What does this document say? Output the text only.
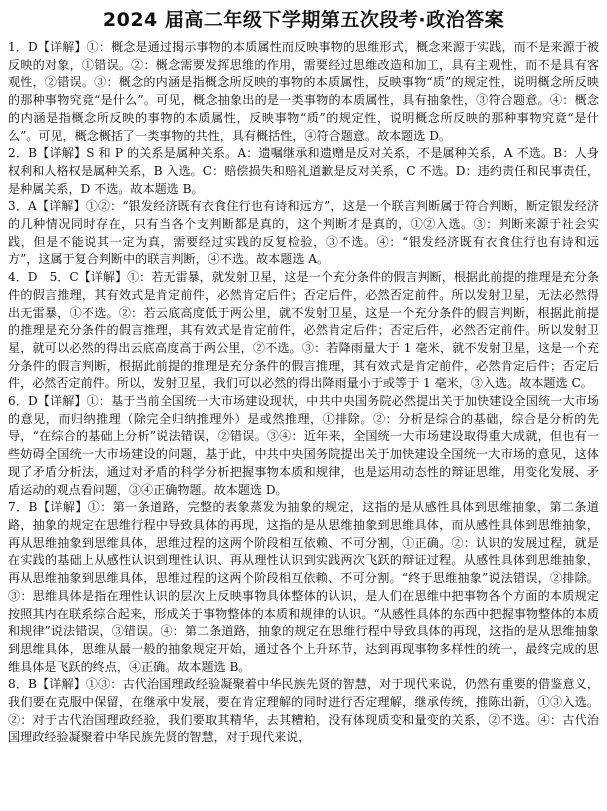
2024 届高二年级下学期第五次段考·政治答案

1．D【详解】①：概念是通过揭示事物的本质属性而反映事物的思维形式，概念来源于实践，而不是来源于被反映的对象，①错误。②：概念需要发挥思维的作用，需要经过思维改造和加工，具有主观性，而不是具有客观性，②错误。③：概念的内涵是指概念所反映的事物的本质属性，反映事物“质”的规定性，说明概念所反映的那种事物究竟“是什么”。可见，概念抽象出的是一类事物的本质属性，具有抽象性，③符合题意。④：概念的内涵是指概念所反映的事物的本质属性，反映事物“质”的规定性，说明概念所反映的那种事物究竟“是什么”。可见，概念概括了一类事物的共性，具有概括性，④符合题意。故本题选 D。

2．B【详解】S 和 P 的关系是属种关系。A：遗嘱继承和遗赠是反对关系，不是属种关系，A 不选。B：人身权利和人格权是属种关系，B 入选。C：赔偿损失和赔礼道歉是反对关系，C 不选。D：违约责任和民事责任，是种属关系，D 不选。故本题选 B。

3．A【详解】①②：“银发经济既有衣食住行也有诗和远方”，这是一个联言判断属于符合判断，断定银发经济的几种情况同时存在，只有当各个支判断都是真的，这个判断才是真的，①②入选。③：判断来源于社会实践，但是不能说其一定为真，需要经过实践的反复检验，③不选。④：“银发经济既有衣食住行也有诗和远方”，这属于复合判断中的联言判断，④不选。故本题选 A。

4．D　5．C【详解】①：若无雷暴，就发射卫星，这是一个充分条件的假言判断，根据此前提的推理是充分条件的假言推理，其有效式是肯定前件，必然肯定后件；否定后件，必然否定前件。所以发射卫星，无法必然得出无雷暴，①不选。②：若云底高度低于两公里，就不发射卫星，这是一个充分条件的假言判断，根据此前提的推理是充分条件的假言推理，其有效式是肯定前件，必然肯定后件；否定后件，必然否定前件。所以发射卫星，就可以必然的得出云底高度高于两公里，②不选。③：若降雨量大于 1 毫米，就不发射卫星，这是一个充分条件的假言判断，根据此前提的推理是充分条件的假言推理，其有效式是肯定前件，必然肯定后件；否定后件，必然否定前件。所以，发射卫星，我们可以必然的得出降雨量小于或等于 1 毫米，③入选。故本题选 C。

6．D【详解】①：基于当前全国统一大市场建设现状，中共中央国务院必然提出关于加快建设全国统一大市场的意见，而归纳推理（除完全归纳推理外）是或然推理，①排除。②：分析是综合的基础，综合是分析的先导，“在综合的基础上分析”说法错误，②错误。③④：近年来，全国统一大市场建设取得重大成就，但也有一些妨碍全国统一大市场建设的问题，基于此，中共中央国务院提出关于加快建设全国统一大市场的意见，这体现了矛盾分析法，通过对矛盾的科学分析把握事物本质和规律，也是运用动态性的辩证思维，用变化发展、矛盾运动的观点看问题，③④正确物题。故本题选 D。

7．B【详解】①：第一条道路，完整的表象蒸发为抽象的规定，这指的是从感性具体到思维抽象，第二条道路，抽象的规定在思维行程中导致具体的再现，这指的是从思维抽象到思维具体，而从感性具体到思维抽象，再从思维抽象到思维具体，思维过程的这两个阶段相互依赖、不可分割，①正确。②：认识的发展过程，就是在实践的基础上从感性认识到理性认识、再从理性认识到实践两次飞跃的辩证过程。从感性具体到思维抽象，再从思维抽象到思维具体，思维过程的这两个阶段相互依赖、不可分割。“终于思维抽象”说法错误，②排除。③：思维具体是指在理性认识的层次上反映事物具体整体的认识，是人们在思维中把事物各个方面的本质规定按照其内在联系综合起来，形成关于事物整体的本质和规律的认识。“从感性具体的东西中把握事物整体的本质和规律”说法错误，③错误。④：第二条道路，抽象的规定在思维行程中导致具体的再现，这指的是从思维抽象到思维具体，思维从最一般的抽象规定开始，通过各个上升环节，达到再现事物多样性的统一，最终完成的思维具体是飞跃的终点，④正确。故本题选 B。

8．B【详解】①③：古代治国理政经验凝聚着中华民族先贤的智慧，对于现代来说，仍然有重要的借鉴意义，我们要在克服中保留，在继承中发展，要在肯定理解的同时进行否定理解，继承传统，推陈出新，①③入选。②：对于古代治国理政经验，我们要取其精华，去其糟粕，没有体现质变和量变的关系，②不选。④：古代治国理政经验凝聚着中华民族先贤的智慧，对于现代来说，
